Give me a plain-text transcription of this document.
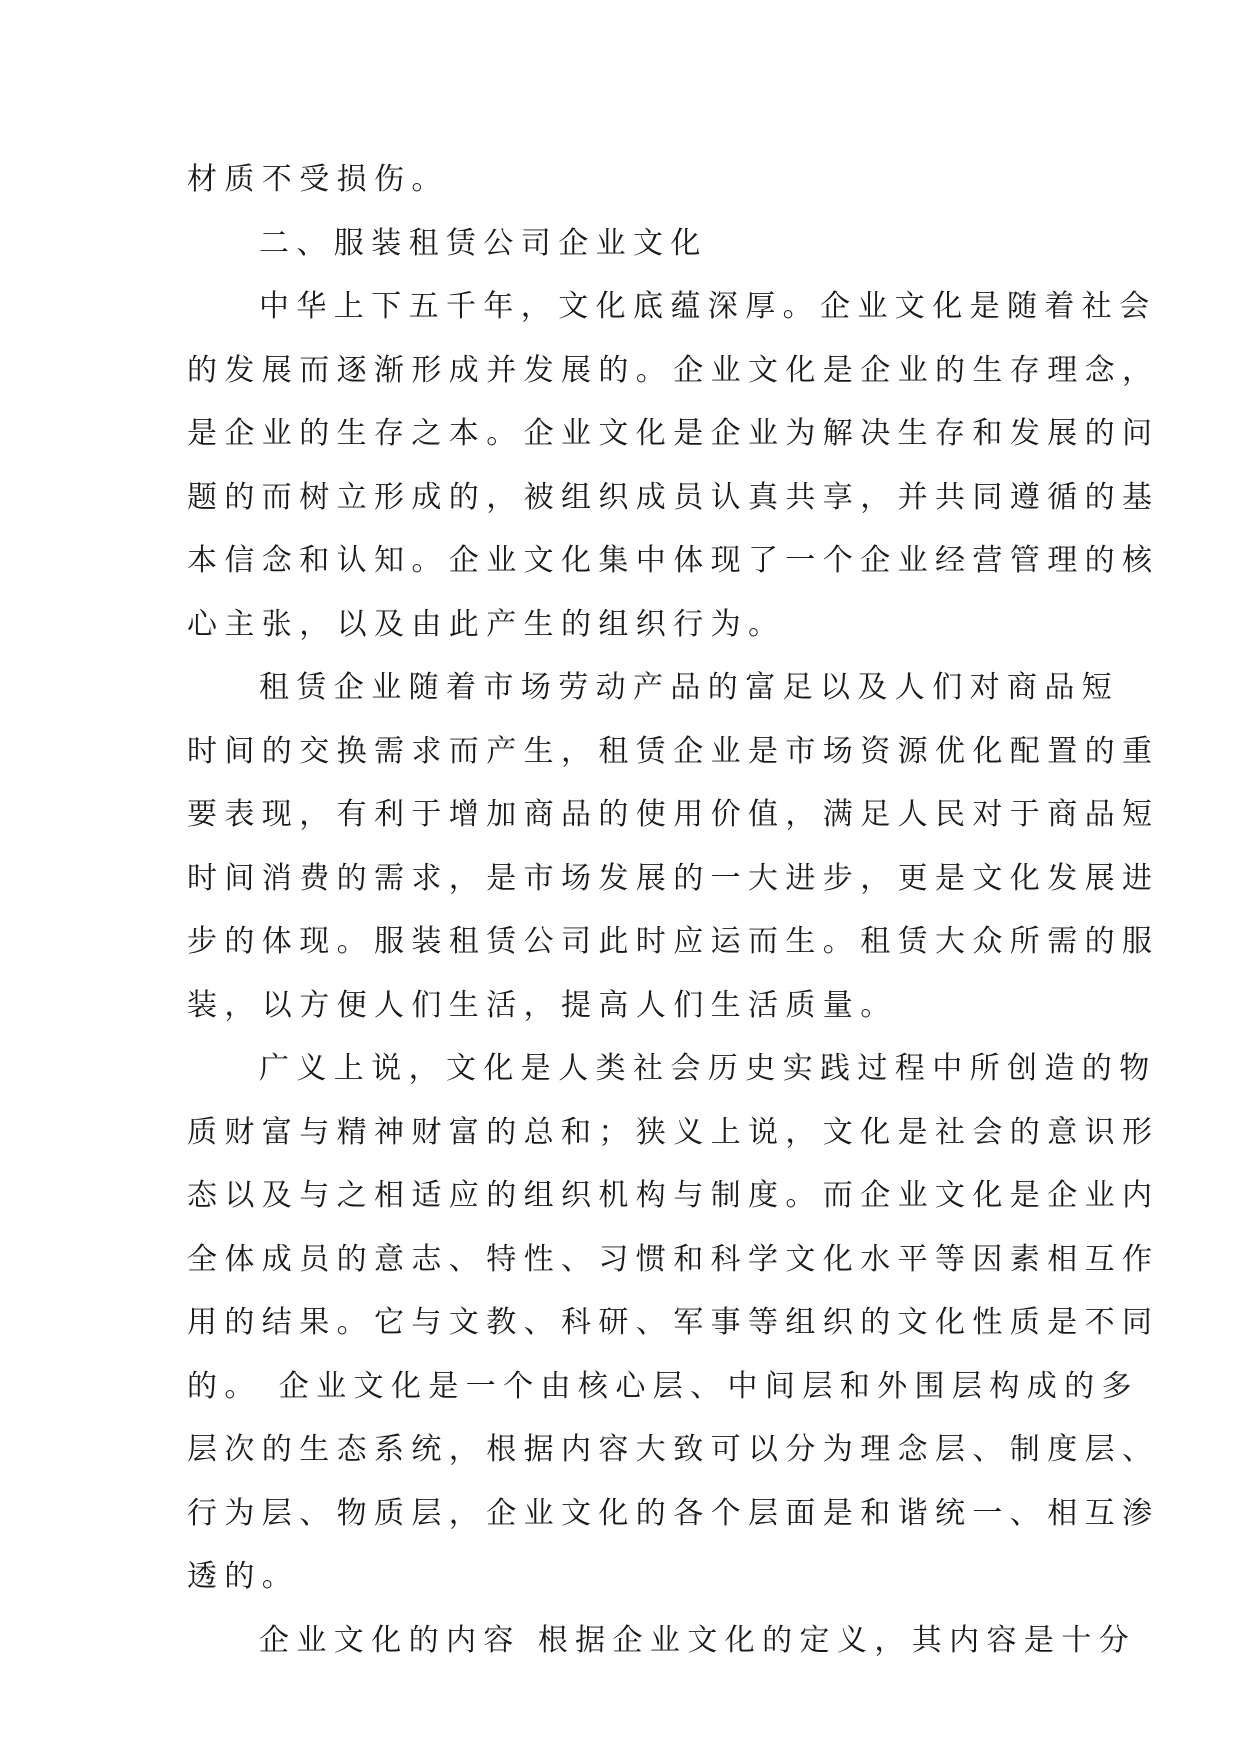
材质不受损伤。
二、服装租赁公司企业文化
中华上下五千年，文化底蕴深厚。企业文化是随着社会
的发展而逐渐形成并发展的。企业文化是企业的生存理念，
是企业的生存之本。企业文化是企业为解决生存和发展的问
题的而树立形成的，被组织成员认真共享，并共同遵循的基
本信念和认知。企业文化集中体现了一个企业经营管理的核
心主张，以及由此产生的组织行为。
租赁企业随着市场劳动产品的富足以及人们对商品短
时间的交换需求而产生，租赁企业是市场资源优化配置的重
要表现，有利于增加商品的使用价值，满足人民对于商品短
时间消费的需求，是市场发展的一大进步，更是文化发展进
步的体现。服装租赁公司此时应运而生。租赁大众所需的服
装，以方便人们生活，提高人们生活质量。
广义上说，文化是人类社会历史实践过程中所创造的物
质财富与精神财富的总和；狭义上说，文化是社会的意识形
态以及与之相适应的组织机构与制度。而企业文化是企业内
全体成员的意志、特性、习惯和科学文化水平等因素相互作
用的结果。它与文教、科研、军事等组织的文化性质是不同
的。 企业文化是一个由核心层、中间层和外围层构成的多
层次的生态系统，根据内容大致可以分为理念层、制度层、
行为层、物质层，企业文化的各个层面是和谐统一、相互渗
透的。
企业文化的内容 根据企业文化的定义，其内容是十分
